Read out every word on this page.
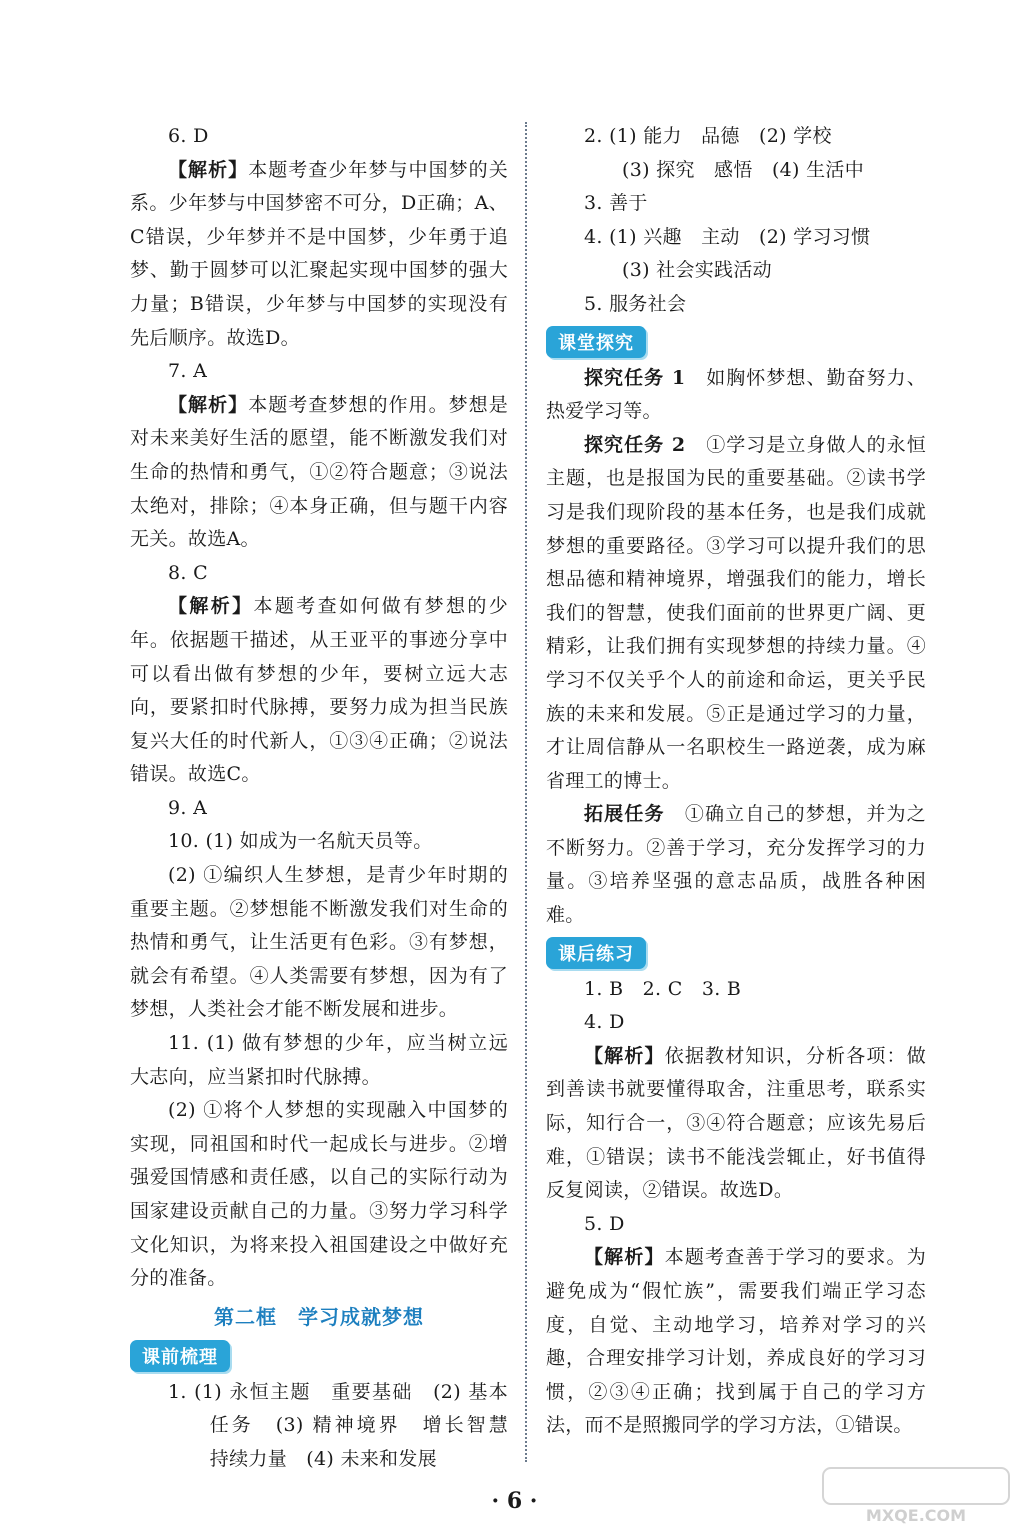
6. D

【解析】本题考查少年梦与中国梦的关系。少年梦与中国梦密不可分，D正确；A、C错误，少年梦并不是中国梦，少年勇于追梦、勤于圆梦可以汇聚起实现中国梦的强大力量；B错误，少年梦与中国梦的实现没有先后顺序。故选D。

7. A

【解析】本题考查梦想的作用。梦想是对未来美好生活的愿望，能不断激发我们对生命的热情和勇气，①②符合题意；③说法太绝对，排除；④本身正确，但与题干内容无关。故选A。

8. C

【解析】本题考查如何做有梦想的少年。依据题干描述，从王亚平的事迹分享中可以看出做有梦想的少年，要树立远大志向，要紧扣时代脉搏，要努力成为担当民族复兴大任的时代新人，①③④正确；②说法错误。故选C。

9. A

10. (1) 如成为一名航天员等。

(2) ①编织人生梦想，是青少年时期的重要主题。②梦想能不断激发我们对生命的热情和勇气，让生活更有色彩。③有梦想，就会有希望。④人类需要有梦想，因为有了梦想，人类社会才能不断发展和进步。

11. (1) 做有梦想的少年，应当树立远大志向，应当紧扣时代脉搏。

(2) ①将个人梦想的实现融入中国梦的实现，同祖国和时代一起成长与进步。②增强爱国情感和责任感，以自己的实际行动为国家建设贡献自己的力量。③努力学习科学文化知识，为将来投入祖国建设之中做好充分的准备。

第二框　学习成就梦想
课前梳理

1. (1) 永恒主题　重要基础　(2) 基本任务　(3) 精神境界　增长智慧　持续力量　(4) 未来和发展

2. (1) 能力　品德　(2) 学校

(3) 探究　感悟　(4) 生活中

3. 善于

4. (1) 兴趣　主动　(2) 学习习惯

(3) 社会实践活动

5. 服务社会

课堂探究

探究任务 1　 如胸怀梦想、勤奋努力、热爱学习等。

探究任务 2　 ①学习是立身做人的永恒主题，也是报国为民的重要基础。②读书学习是我们现阶段的基本任务，也是我们成就梦想的重要路径。③学习可以提升我们的思想品德和精神境界，增强我们的能力，增长我们的智慧，使我们面前的世界更广阔、更精彩，让我们拥有实现梦想的持续力量。④学习不仅关乎个人的前途和命运，更关乎民族的未来和发展。⑤正是通过学习的力量，才让周信静从一名职校生一路逆袭，成为麻省理工的博士。

拓展任务　 ①确立自己的梦想，并为之不断努力。②善于学习，充分发挥学习的力量。③培养坚强的意志品质，战胜各种困难。

课后练习

1. B　2. C　3. B

4. D

【解析】依据教材知识，分析各项：做到善读书就要懂得取舍，注重思考，联系实际，知行合一，③④符合题意；应该先易后难，①错误；读书不能浅尝辄止，好书值得反复阅读，②错误。故选D。

5. D

【解析】本题考查善于学习的要求。为避免成为“假忙族”，需要我们端正学习态度，自觉、主动地学习，培养对学习的兴趣，合理安排学习计划，养成良好的学习习惯，②③④正确；找到属于自己的学习方法，而不是照搬同学的学习方法，①错误。

· 6 ·
MXQE.COM
